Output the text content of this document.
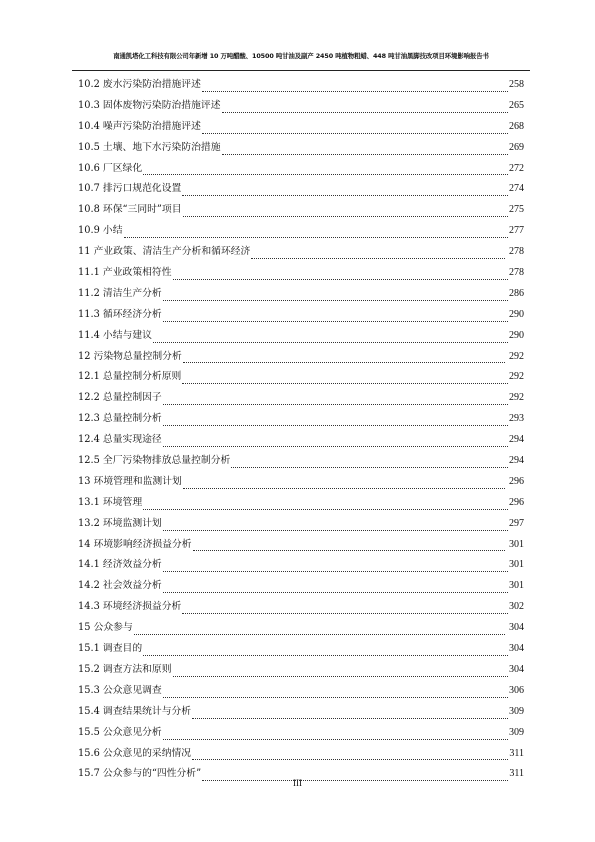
南通凯塔化工科技有限公司年新增 10 万吨醋酸、10500 吨甘油及副产 2450 吨植物粗蜡、448 吨甘油黑脚技改项目环境影响报告书
10.2 废水污染防治措施评述	258
10.3 固体废物污染防治措施评述	265
10.4 噪声污染防治措施评述	268
10.5 土壤、地下水污染防治措施	269
10.6 厂区绿化	272
10.7 排污口规范化设置	274
10.8 环保“三同时”项目	275
10.9 小结	277
11 产业政策、清洁生产分析和循环经济	278
11.1 产业政策相符性	278
11.2 清洁生产分析	286
11.3 循环经济分析	290
11.4 小结与建议	290
12 污染物总量控制分析	292
12.1 总量控制分析原则	292
12.2 总量控制因子	292
12.3 总量控制分析	293
12.4 总量实现途径	294
12.5 全厂污染物排放总量控制分析	294
13 环境管理和监测计划	296
13.1 环境管理	296
13.2 环境监测计划	297
14 环境影响经济损益分析	301
14.1 经济效益分析	301
14.2 社会效益分析	301
14.3 环境经济损益分析	302
15 公众参与	304
15.1 调查目的	304
15.2 调查方法和原则	304
15.3 公众意见调查	306
15.4 调查结果统计与分析	309
15.5 公众意见分析	309
15.6 公众意见的采纳情况	311
15.7 公众参与的“四性分析”	311
III
